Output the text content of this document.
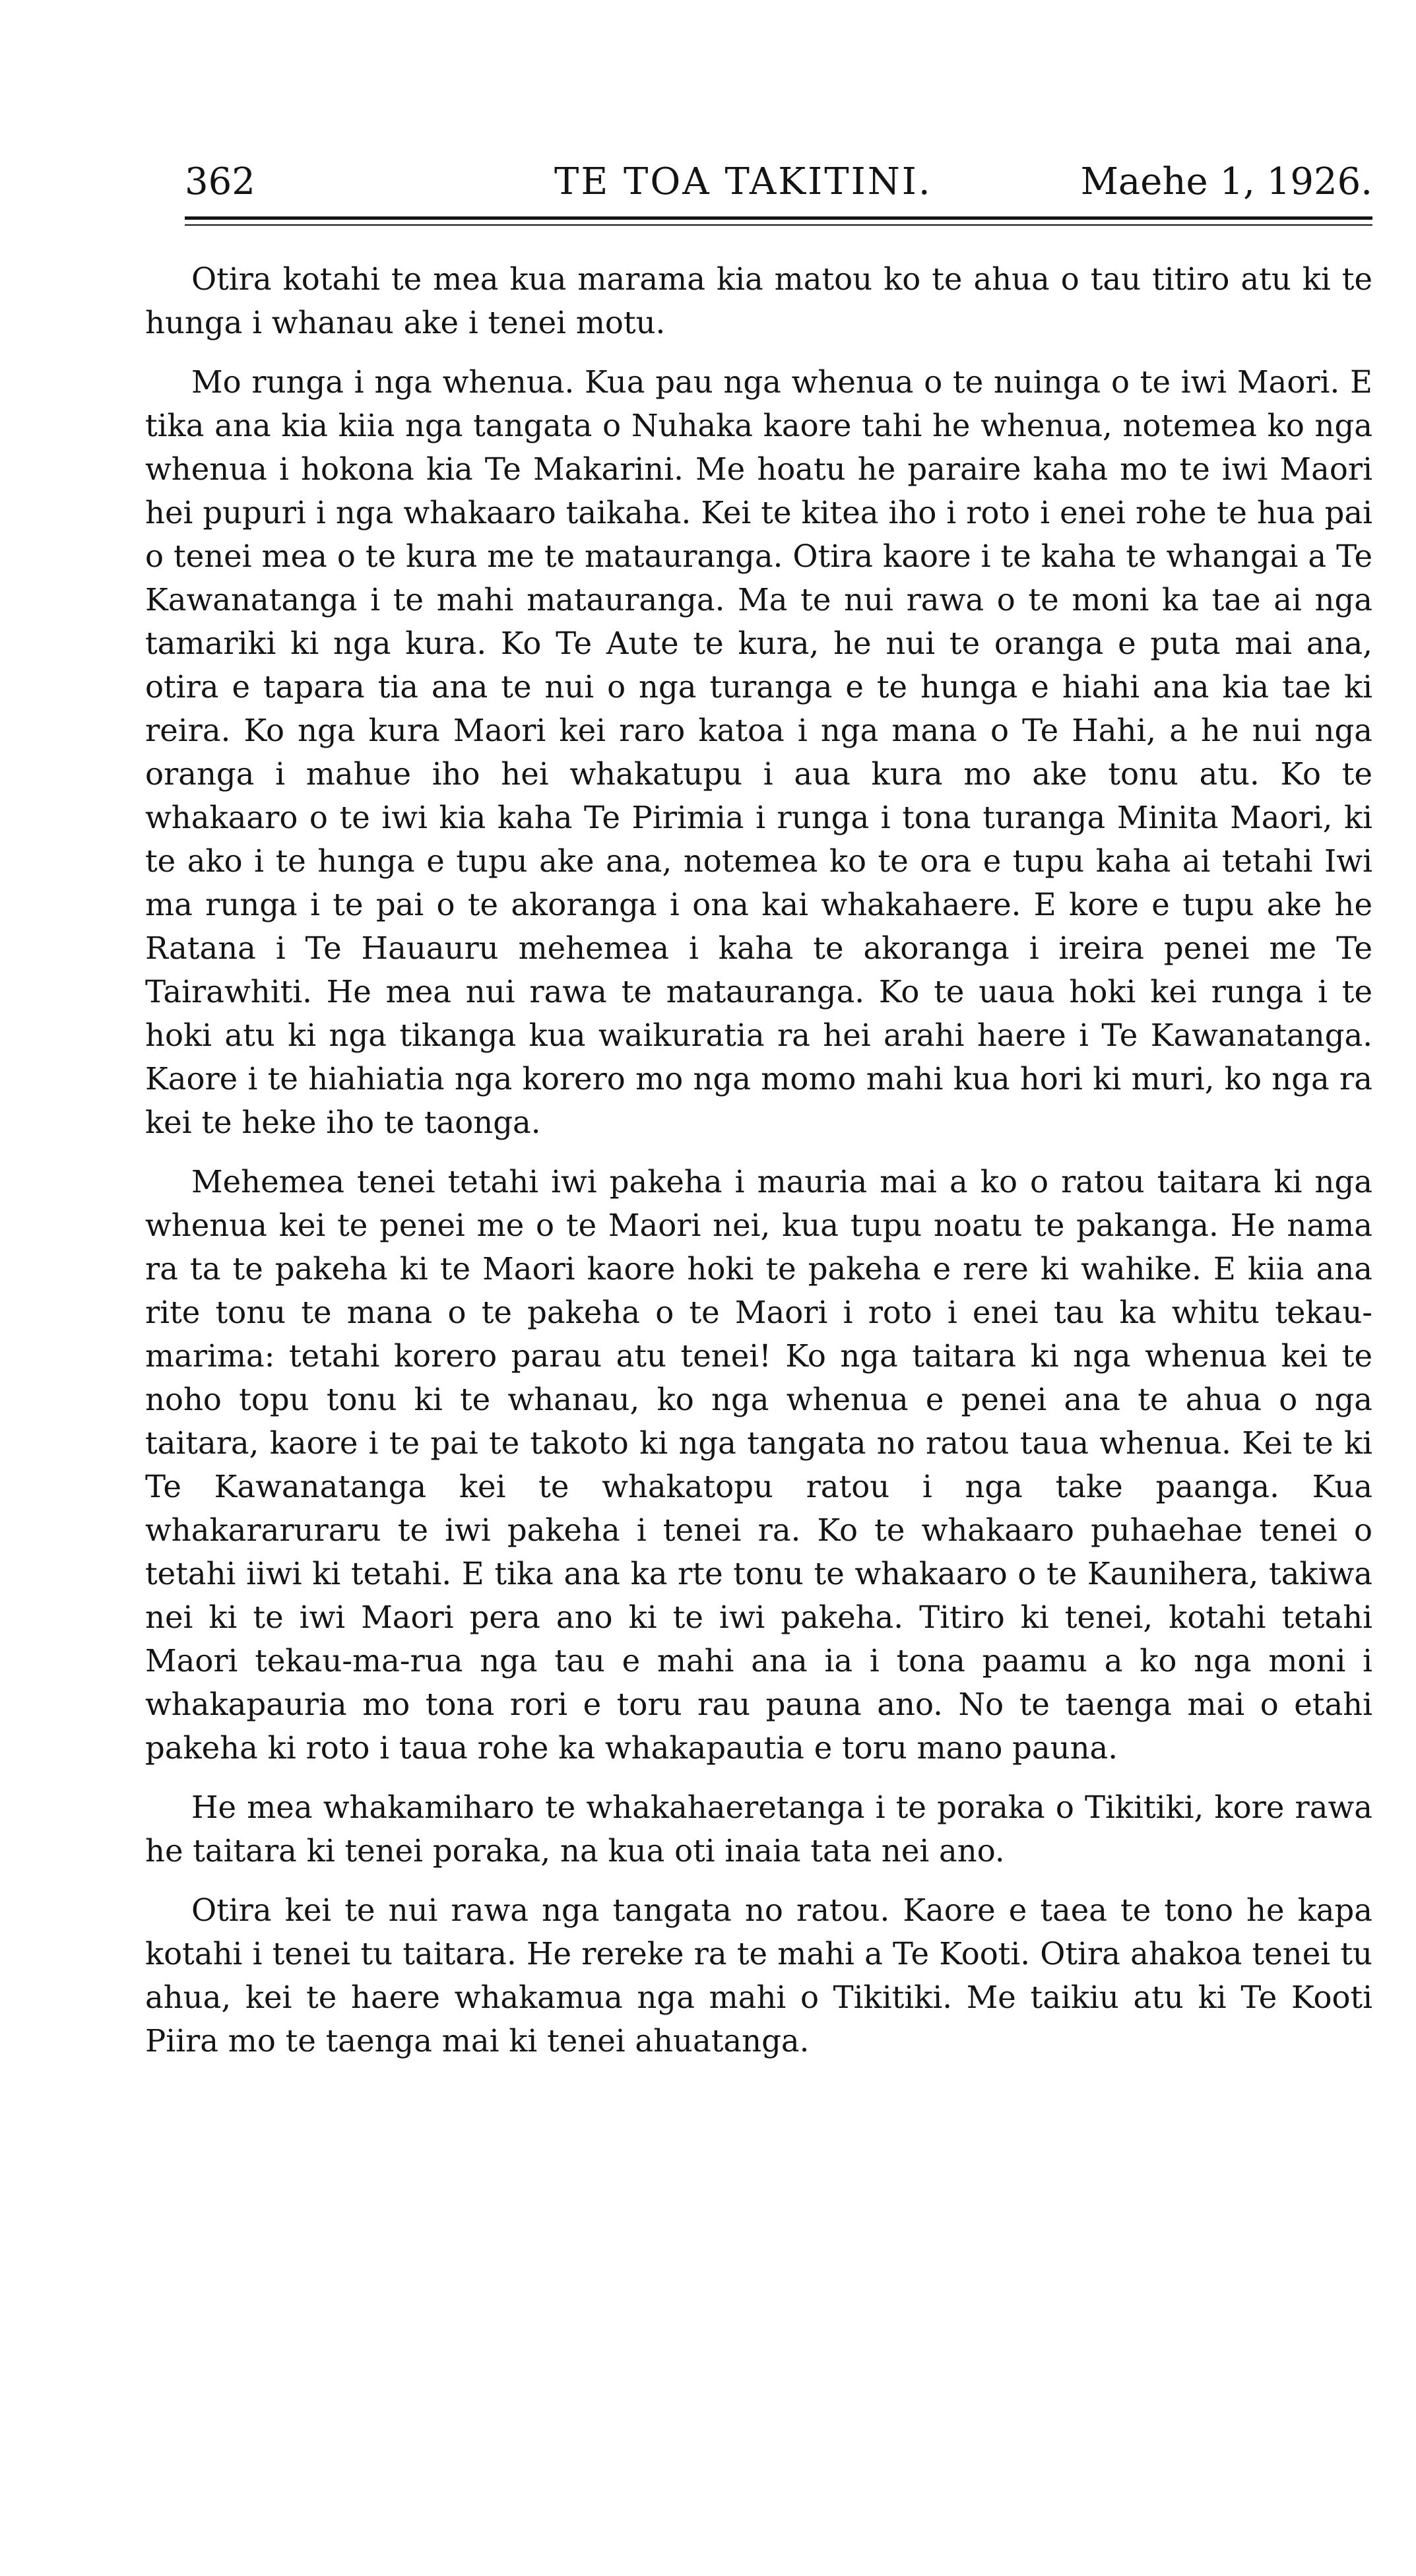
362	TE TOA TAKITINI.	Maehe 1, 1926.

Otira kotahi te mea kua marama kia matou ko te ahua o tau titiro atu ki te hunga i whanau ake i tenei motu.

Mo runga i nga whenua. Kua pau nga whenua o te nuinga o te iwi Maori. E tika ana kia kiia nga tangata o Nuhaka kaore tahi he whenua, notemea ko nga whenua i hokona kia Te Makarini. Me hoatu he paraire kaha mo te iwi Maori hei pupuri i nga whakaaro taikaha. Kei te kitea iho i roto i enei rohe te hua pai o tenei mea o te kura me te matauranga. Otira kaore i te kaha te whangai a Te Kawanatanga i te mahi matauranga. Ma te nui rawa o te moni ka tae ai nga tamariki ki nga kura. Ko Te Aute te kura, he nui te oranga e puta mai ana, otira e tapara tia ana te nui o nga turanga e te hunga e hiahi ana kia tae ki reira. Ko nga kura Maori kei raro katoa i nga mana o Te Hahi, a he nui nga oranga i mahue iho hei whakatupu i aua kura mo ake tonu atu. Ko te whakaaro o te iwi kia kaha Te Pirimia i runga i tona turanga Minita Maori, ki te ako i te hunga e tupu ake ana, notemea ko te ora e tupu kaha ai tetahi Iwi ma runga i te pai o te akoranga i ona kai whakahaere. E kore e tupu ake he Ratana i Te Hauauru mehemea i kaha te akoranga i ireira penei me Te Tairawhiti. He mea nui rawa te matauranga. Ko te uaua hoki kei runga i te hoki atu ki nga tikanga kua waikuratia ra hei arahi haere i Te Kawanatanga. Kaore i te hiahiatia nga korero mo nga momo mahi kua hori ki muri, ko nga ra kei te heke iho te taonga.

Mehemea tenei tetahi iwi pakeha i mauria mai a ko o ratou taitara ki nga whenua kei te penei me o te Maori nei, kua tupu noatu te pakanga. He nama ra ta te pakeha ki te Maori kaore hoki te pakeha e rere ki wahike. E kiia ana rite tonu te mana o te pakeha o te Maori i roto i enei tau ka whitu tekau-marima: tetahi korero parau atu tenei! Ko nga taitara ki nga whenua kei te noho topu tonu ki te whanau, ko nga whenua e penei ana te ahua o nga taitara, kaore i te pai te takoto ki nga tangata no ratou taua whenua. Kei te ki Te Kawanatanga kei te whakatopu ratou i nga take paanga. Kua whakararuraru te iwi pakeha i tenei ra. Ko te whakaaro puhaehae tenei o tetahi iiwi ki tetahi. E tika ana ka rte tonu te whakaaro o te Kaunihera, takiwa nei ki te iwi Maori pera ano ki te iwi pakeha. Titiro ki tenei, kotahi tetahi Maori tekau-ma-rua nga tau e mahi ana ia i tona paamu a ko nga moni i whakapauria mo tona rori e toru rau pauna ano. No te taenga mai o etahi pakeha ki roto i taua rohe ka whakapautia e toru mano pauna.

He mea whakamiharo te whakahaeretanga i te poraka o Tikitiki, kore rawa he taitara ki tenei poraka, na kua oti inaia tata nei ano.

Otira kei te nui rawa nga tangata no ratou. Kaore e taea te tono he kapa kotahi i tenei tu taitara. He rereke ra te mahi a Te Kooti. Otira ahakoa tenei tu ahua, kei te haere whakamua nga mahi o Tikitiki. Me taikiu atu ki Te Kooti Piira mo te taenga mai ki tenei ahuatanga.
